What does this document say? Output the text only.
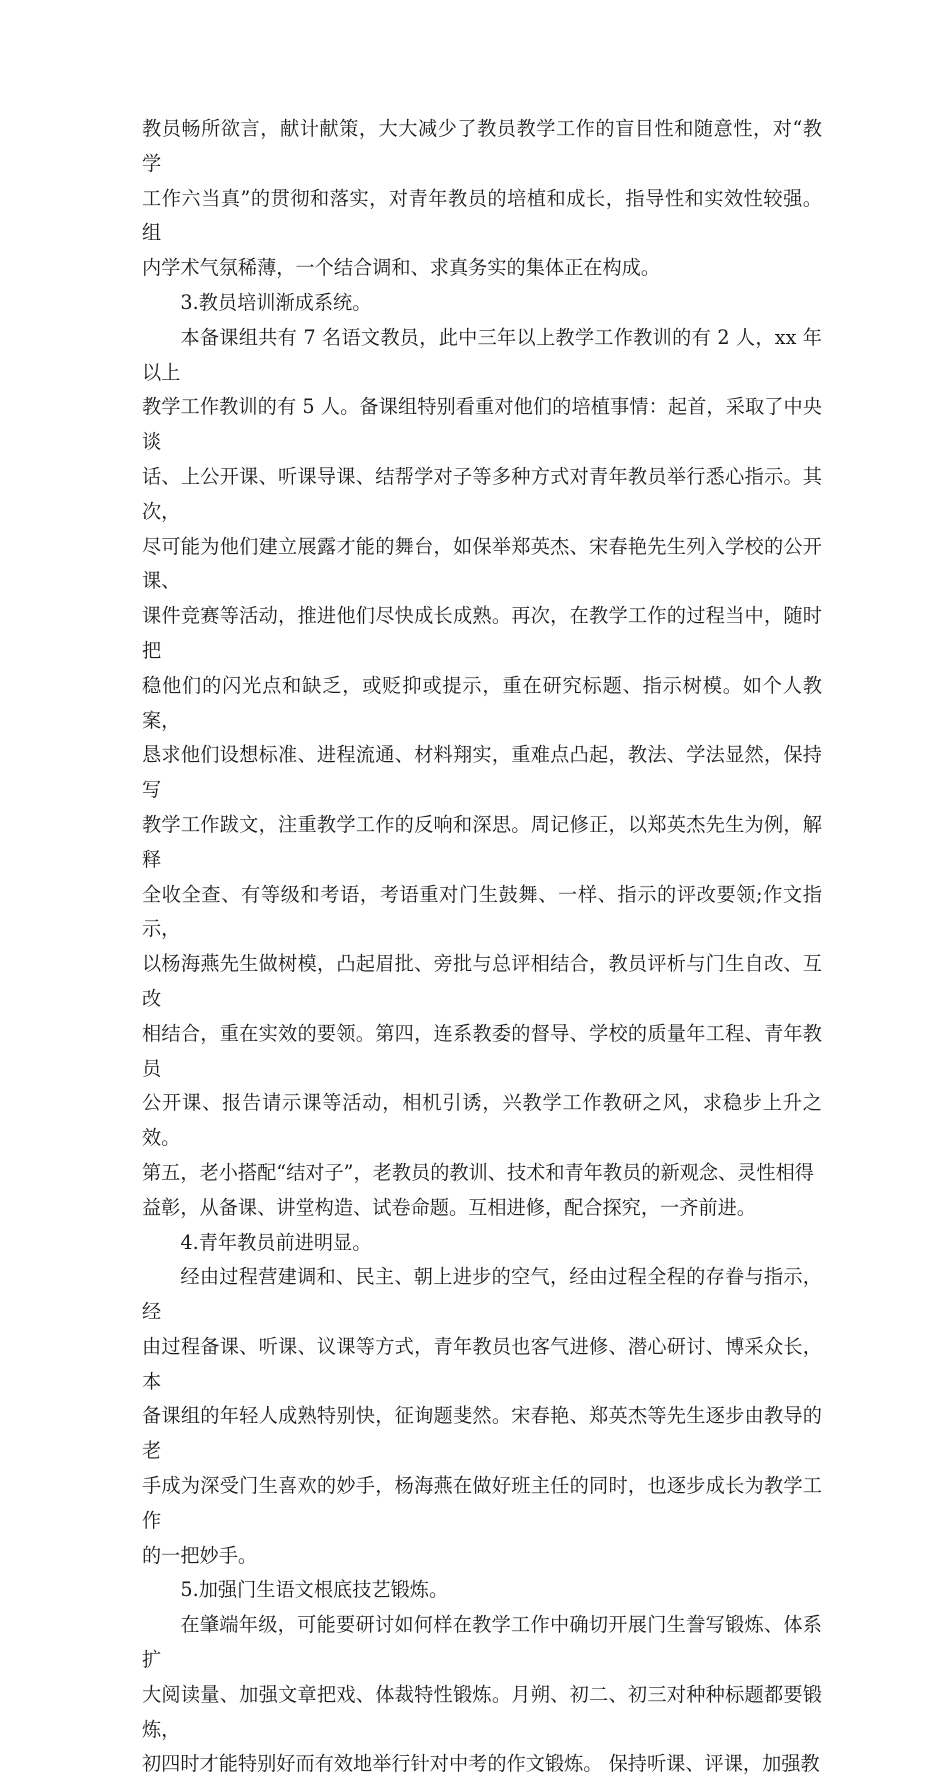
教员畅所欲言，献计献策，大大减少了教员教学工作的盲目性和随意性，对“教学
工作六当真”的贯彻和落实，对青年教员的培植和成长，指导性和实效性较强。组
内学术气氛稀薄，一个结合调和、求真务实的集体正在构成。

3.教员培训渐成系统。

本备课组共有 7 名语文教员，此中三年以上教学工作教训的有 2 人，xx 年以上
教学工作教训的有 5 人。备课组特别看重对他们的培植事情：起首，采取了中央谈
话、上公开课、听课导课、结帮学对子等多种方式对青年教员举行悉心指示。其次，
尽可能为他们建立展露才能的舞台，如保举郑英杰、宋春艳先生列入学校的公开课、
课件竞赛等活动，推进他们尽快成长成熟。再次，在教学工作的过程当中，随时把
稳他们的闪光点和缺乏，或贬抑或提示，重在研究标题、指示树模。如个人教案，
恳求他们设想标准、进程流通、材料翔实，重难点凸起，教法、学法显然，保持写
教学工作跋文，注重教学工作的反响和深思。周记修正，以郑英杰先生为例，解释
全收全查、有等级和考语，考语重对门生鼓舞、一样、指示的评改要领;作文指示，
以杨海燕先生做树模，凸起眉批、旁批与总评相结合，教员评析与门生自改、互改
相结合，重在实效的要领。第四，连系教委的督导、学校的质量年工程、青年教员
公开课、报告请示课等活动，相机引诱，兴教学工作教研之风，求稳步上升之效。
第五，老小搭配“结对子”，老教员的教训、技术和青年教员的新观念、灵性相得
益彰，从备课、讲堂构造、试卷命题。互相进修，配合探究，一齐前进。

4.青年教员前进明显。

经由过程营建调和、民主、朝上进步的空气，经由过程全程的存眷与指示，经
由过程备课、听课、议课等方式，青年教员也客气进修、潜心研讨、博采众长，本
备课组的年轻人成熟特别快，征询题斐然。宋春艳、郑英杰等先生逐步由教导的老
手成为深受门生喜欢的妙手，杨海燕在做好班主任的同时，也逐步成长为教学工作
的一把妙手。

5.加强门生语文根底技艺锻炼。

在肇端年级，可能要研讨如何样在教学工作中确切开展门生誊写锻炼、体系扩
大阅读量、加强文章把戏、体裁特性锻炼。月朔、初二、初三对种种标题都要锻炼，
初四时才能特别好而有效地举行针对中考的作文锻炼。 保持听课、评课，加强教
